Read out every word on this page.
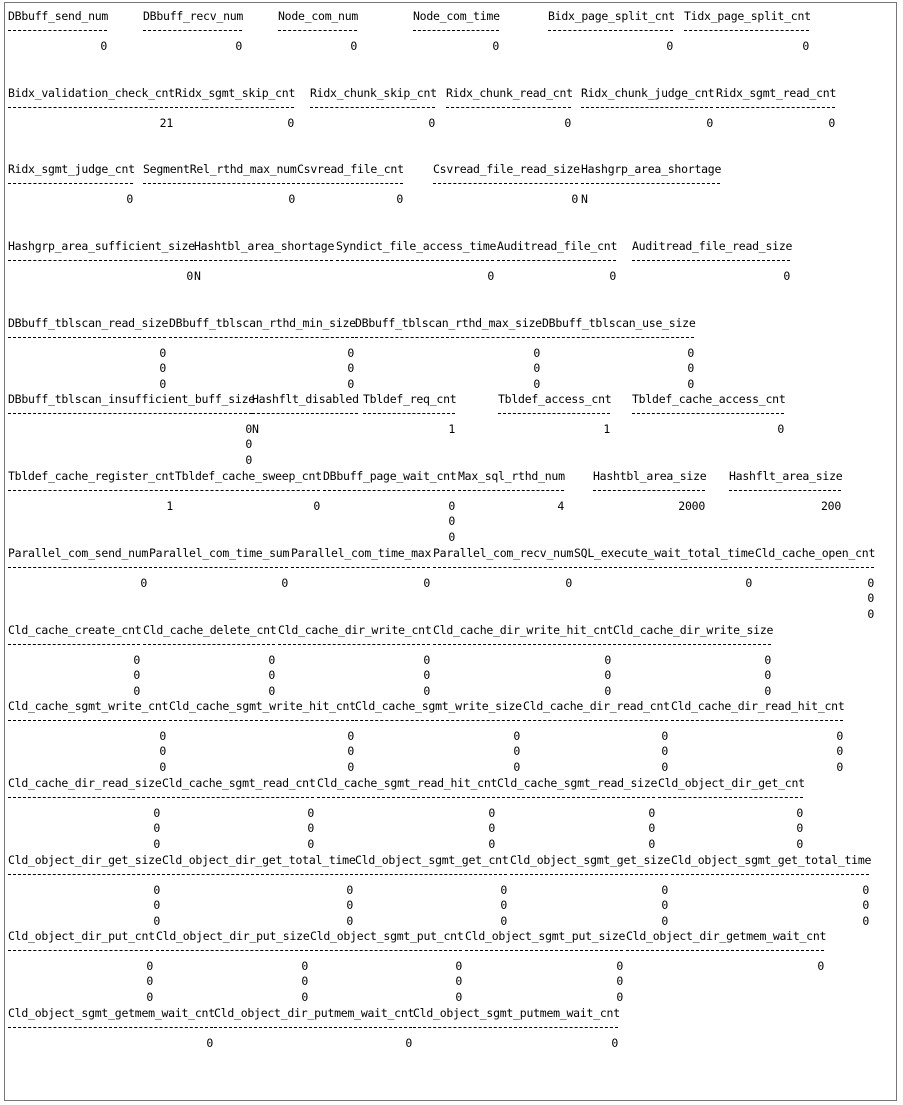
DBbuff_send_num
0
DBbuff_recv_num
0
Node_com_num
0
Node_com_time
0
Bidx_page_split_cnt
0
Tidx_page_split_cnt
0
Bidx_validation_check_cnt
21
Ridx_sgmt_skip_cnt
0
Ridx_chunk_skip_cnt
0
Ridx_chunk_read_cnt
0
Ridx_chunk_judge_cnt
0
Ridx_sgmt_read_cnt
0
Ridx_sgmt_judge_cnt
0
SegmentRel_rthd_max_num
0
Csvread_file_cnt
0
Csvread_file_read_size
0
Hashgrp_area_shortage
N
Hashgrp_area_sufficient_size
0
Hashtbl_area_shortage
N
Syndict_file_access_time
0
Auditread_file_cnt
0
Auditread_file_read_size
0
DBbuff_tblscan_read_size
0
0
0
DBbuff_tblscan_rthd_min_size
0
0
0
DBbuff_tblscan_rthd_max_size
0
0
0
DBbuff_tblscan_use_size
0
0
0
DBbuff_tblscan_insufficient_buff_size
0
0
0
Hashflt_disabled
N
Tbldef_req_cnt
1
Tbldef_access_cnt
1
Tbldef_cache_access_cnt
0
Tbldef_cache_register_cnt
1
Tbldef_cache_sweep_cnt
0
DBbuff_page_wait_cnt
0
0
0
Max_sql_rthd_num
4
Hashtbl_area_size
2000
Hashflt_area_size
200
Parallel_com_send_num
0
Parallel_com_time_sum
0
Parallel_com_time_max
0
Parallel_com_recv_num
0
SQL_execute_wait_total_time
0
Cld_cache_open_cnt
0
0
0
Cld_cache_create_cnt
0
0
0
Cld_cache_delete_cnt
0
0
0
Cld_cache_dir_write_cnt
0
0
0
Cld_cache_dir_write_hit_cnt
0
0
0
Cld_cache_dir_write_size
0
0
0
Cld_cache_sgmt_write_cnt
0
0
0
Cld_cache_sgmt_write_hit_cnt
0
0
0
Cld_cache_sgmt_write_size
0
0
0
Cld_cache_dir_read_cnt
0
0
0
Cld_cache_dir_read_hit_cnt
0
0
0
Cld_cache_dir_read_size
0
0
0
Cld_cache_sgmt_read_cnt
0
0
0
Cld_cache_sgmt_read_hit_cnt
0
0
0
Cld_cache_sgmt_read_size
0
0
0
Cld_object_dir_get_cnt
0
0
0
Cld_object_dir_get_size
0
0
0
Cld_object_dir_get_total_time
0
0
0
Cld_object_sgmt_get_cnt
0
0
0
Cld_object_sgmt_get_size
0
0
0
Cld_object_sgmt_get_total_time
0
0
0
Cld_object_dir_put_cnt
0
0
0
Cld_object_dir_put_size
0
0
0
Cld_object_sgmt_put_cnt
0
0
0
Cld_object_sgmt_put_size
0
0
0
Cld_object_dir_getmem_wait_cnt
0
Cld_object_sgmt_getmem_wait_cnt
0
Cld_object_dir_putmem_wait_cnt
0
Cld_object_sgmt_putmem_wait_cnt
0
